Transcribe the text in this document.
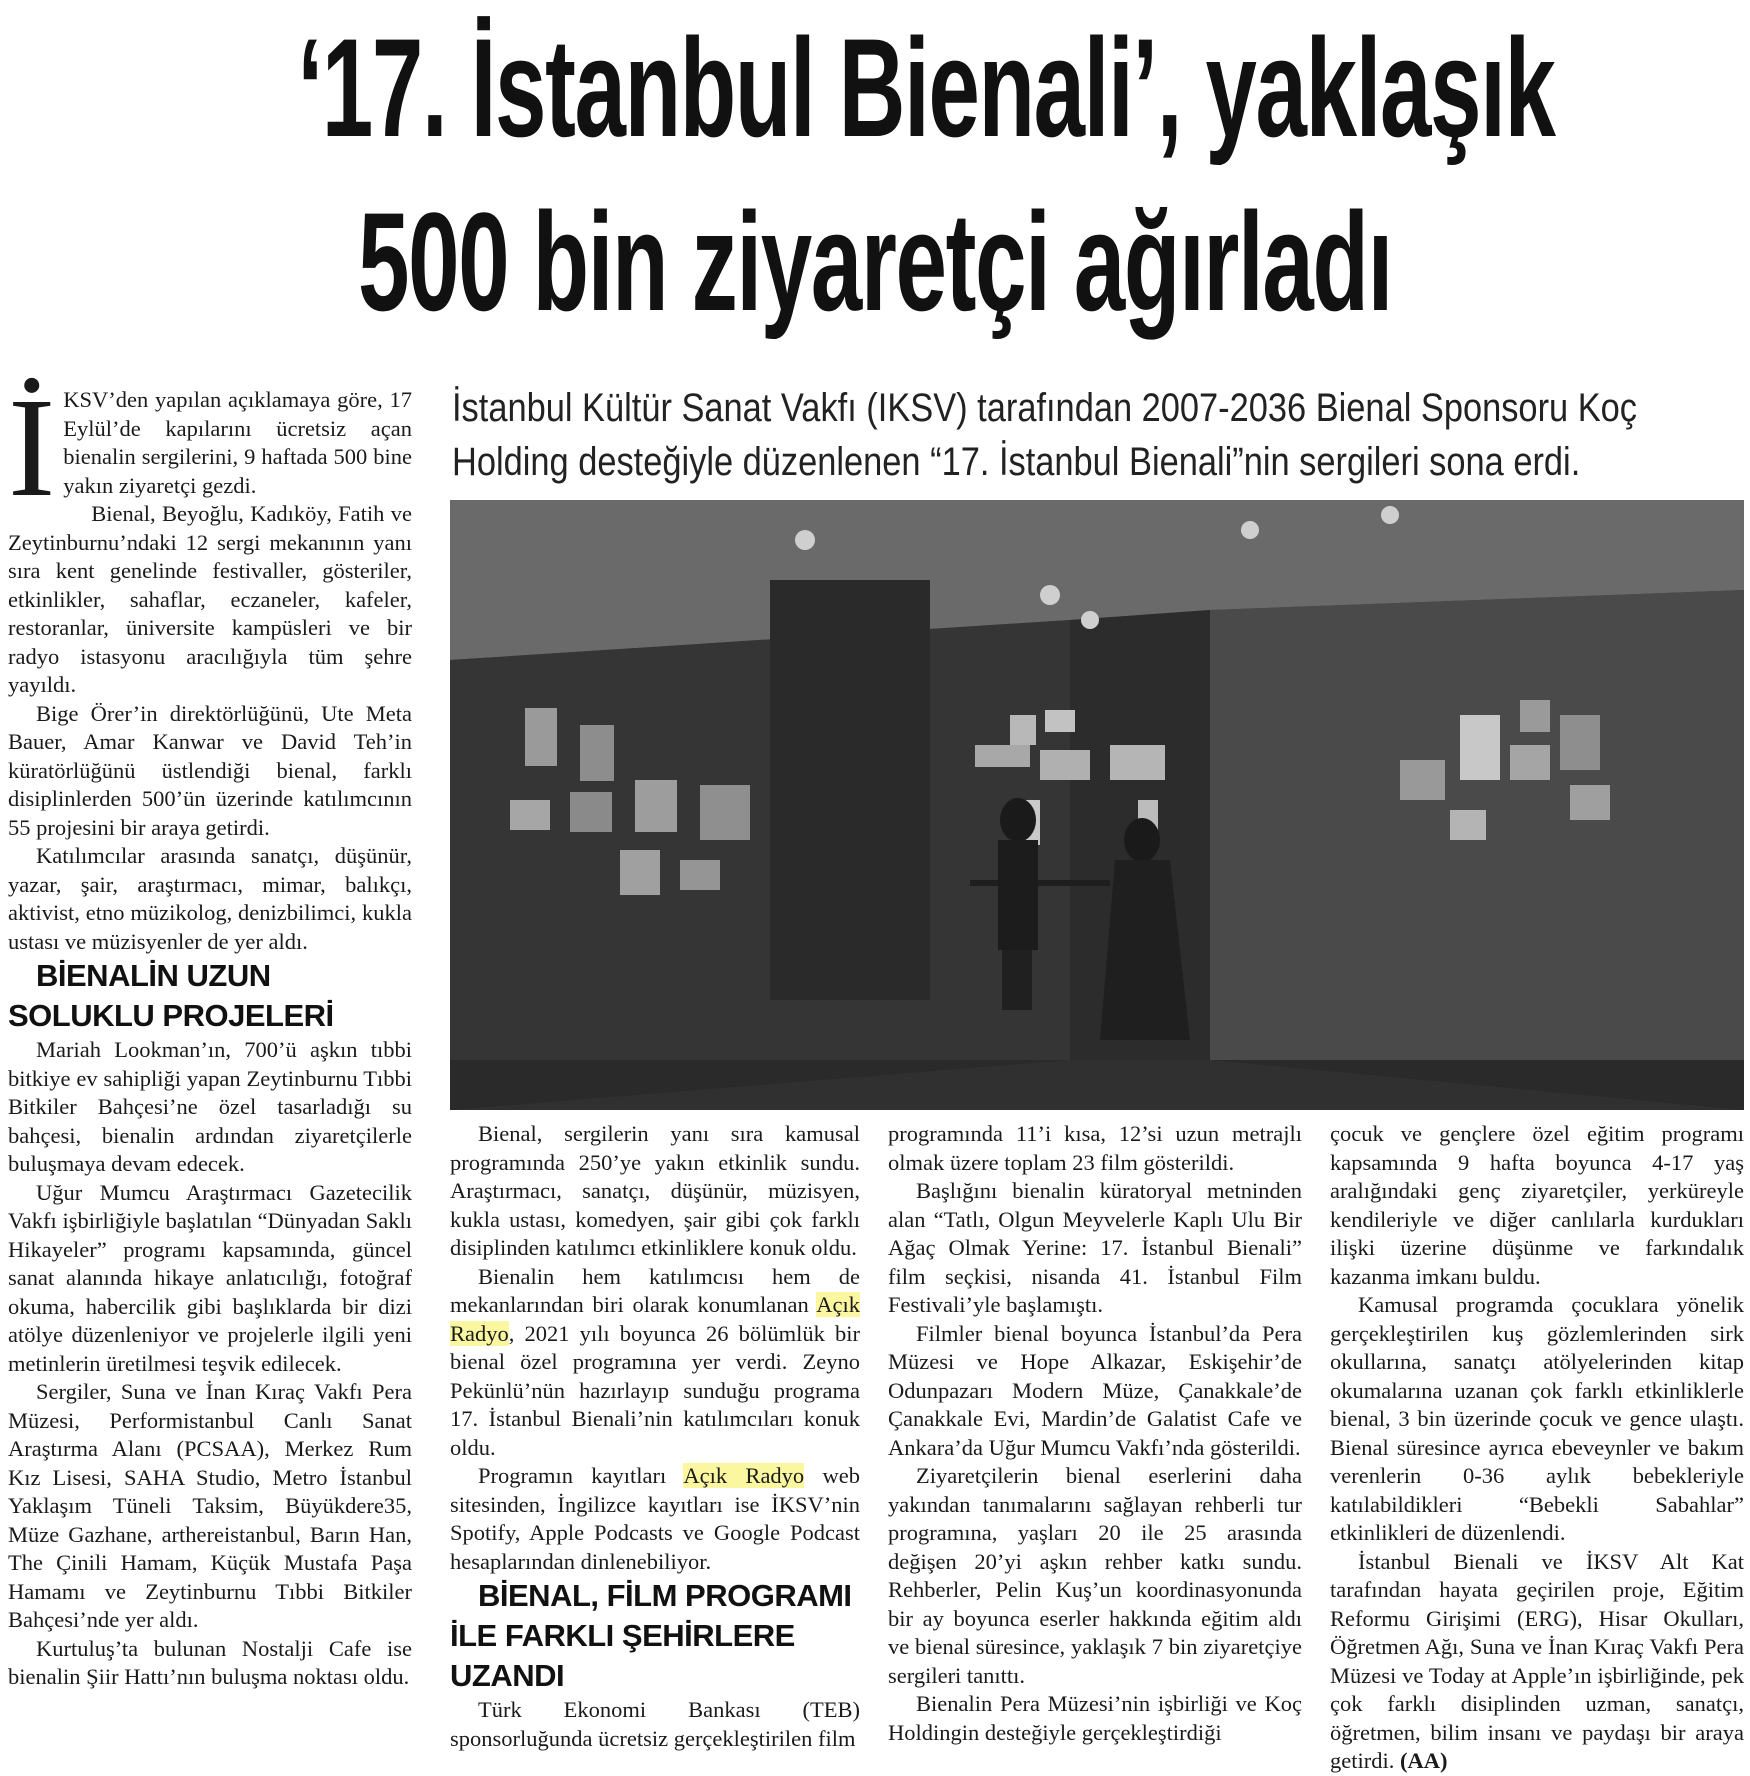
‘17. İstanbul Bienali’, yaklaşık
500 bin ziyaretçi ağırladı
İstanbul Kültür Sanat Vakfı (IKSV) tarafından 2007-2036 Bienal Sponsoru Koç
Holding desteğiyle düzenlenen “17. İstanbul Bienali”nin sergileri sona erdi.

İKSV’den yapılan açıklamaya göre, 17 Eylül’de kapılarını ücretsiz açan bienalin sergilerini, 9 haftada 500 bine yakın ziyaretçi gezdi.

Bienal, Beyoğlu, Kadıköy, Fatih ve Zeytinburnu’ndaki 12 sergi mekanının yanı sıra kent genelinde festivaller, gösteriler, etkinlikler, sahaflar, eczaneler, kafeler, restoranlar, üniversite kampüsleri ve bir radyo istasyonu aracılığıyla tüm şehre yayıldı.

Bige Örer’in direktörlüğünü, Ute Meta Bauer, Amar Kanwar ve David Teh’in küratörlüğünü üstlendiği bienal, farklı disiplinlerden 500’ün üzerinde katılımcının 55 projesini bir araya getirdi.

Katılımcılar arasında sanatçı, düşünür, yazar, şair, araştırmacı, mimar, balıkçı, aktivist, etno müzikolog, denizbilimci, kukla ustası ve müzisyenler de yer aldı.

BİENALİN UZUN SOLUKLU PROJELERİ

Mariah Lookman’ın, 700’ü aşkın tıbbi bitkiye ev sahipliği yapan Zeytinburnu Tıbbi Bitkiler Bahçesi’ne özel tasarladığı su bahçesi, bienalin ardından ziyaretçilerle buluşmaya devam edecek.

Uğur Mumcu Araştırmacı Gazetecilik Vakfı işbirliğiyle başlatılan “Dünyadan Saklı Hikayeler” programı kapsamında, güncel sanat alanında hikaye anlatıcılığı, fotoğraf okuma, habercilik gibi başlıklarda bir dizi atölye düzenleniyor ve projelerle ilgili yeni metinlerin üretilmesi teşvik edilecek.

Sergiler, Suna ve İnan Kıraç Vakfı Pera Müzesi, Performistanbul Canlı Sanat Araştırma Alanı (PCSAA), Merkez Rum Kız Lisesi, SAHA Studio, Metro İstanbul Yaklaşım Tüneli Taksim, Büyükdere35, Müze Gazhane, arthereistanbul, Barın Han, The Çinili Hamam, Küçük Mustafa Paşa Hamamı ve Zeytinburnu Tıbbi Bitkiler Bahçesi’nde yer aldı.

Kurtuluş’ta bulunan Nostalji Cafe ise bienalin Şiir Hattı’nın buluşma noktası oldu.

Bienal, sergilerin yanı sıra kamusal programında 250’ye yakın etkinlik sundu. Araştırmacı, sanatçı, düşünür, müzisyen, kukla ustası, komedyen, şair gibi çok farklı disiplinden katılımcı etkinliklere konuk oldu.

Bienalin hem katılımcısı hem de mekanlarından biri olarak konumlanan Açık Radyo, 2021 yılı boyunca 26 bölümlük bir bienal özel programına yer verdi. Zeyno Pekünlü’nün hazırlayıp sunduğu programa 17. İstanbul Bienali’nin katılımcıları konuk oldu.

Programın kayıtları Açık Radyo web sitesinden, İngilizce kayıtları ise İKSV’nin Spotify, Apple Podcasts ve Google Podcast hesaplarından dinlenebiliyor.

BİENAL, FİLM PROGRAMI İLE FARKLI ŞEHİRLERE UZANDI

Türk Ekonomi Bankası (TEB) sponsorluğunda ücretsiz gerçekleştirilen film

programında 11’i kısa, 12’si uzun metrajlı olmak üzere toplam 23 film gösterildi.

Başlığını bienalin küratoryal metninden alan “Tatlı, Olgun Meyvelerle Kaplı Ulu Bir Ağaç Olmak Yerine: 17. İstanbul Bienali” film seçkisi, nisanda 41. İstanbul Film Festivali’yle başlamıştı.

Filmler bienal boyunca İstanbul’da Pera Müzesi ve Hope Alkazar, Eskişehir’de Odunpazarı Modern Müze, Çanakkale’de Çanakkale Evi, Mardin’de Galatist Cafe ve Ankara’da Uğur Mumcu Vakfı’nda gösterildi.

Ziyaretçilerin bienal eserlerini daha yakından tanımalarını sağlayan rehberli tur programına, yaşları 20 ile 25 arasında değişen 20’yi aşkın rehber katkı sundu. Rehberler, Pelin Kuş’un koordinasyonunda bir ay boyunca eserler hakkında eğitim aldı ve bienal süresince, yaklaşık 7 bin ziyaretçiye sergileri tanıttı.

Bienalin Pera Müzesi’nin işbirliği ve Koç Holdingin desteğiyle gerçekleştirdiği

çocuk ve gençlere özel eğitim programı kapsamında 9 hafta boyunca 4-17 yaş aralığındaki genç ziyaretçiler, yerküreyle kendileriyle ve diğer canlılarla kurdukları ilişki üzerine düşünme ve farkındalık kazanma imkanı buldu.

Kamusal programda çocuklara yönelik gerçekleştirilen kuş gözlemlerinden sirk okullarına, sanatçı atölyelerinden kitap okumalarına uzanan çok farklı etkinliklerle bienal, 3 bin üzerinde çocuk ve gence ulaştı. Bienal süresince ayrıca ebeveynler ve bakım verenlerin 0-36 aylık bebekleriyle katılabildikleri “Bebekli Sabahlar” etkinlikleri de düzenlendi.

İstanbul Bienali ve İKSV Alt Kat tarafından hayata geçirilen proje, Eğitim Reformu Girişimi (ERG), Hisar Okulları, Öğretmen Ağı, Suna ve İnan Kıraç Vakfı Pera Müzesi ve Today at Apple’ın işbirliğinde, pek çok farklı disiplinden uzman, sanatçı, öğretmen, bilim insanı ve paydaşı bir araya getirdi. (AA)
